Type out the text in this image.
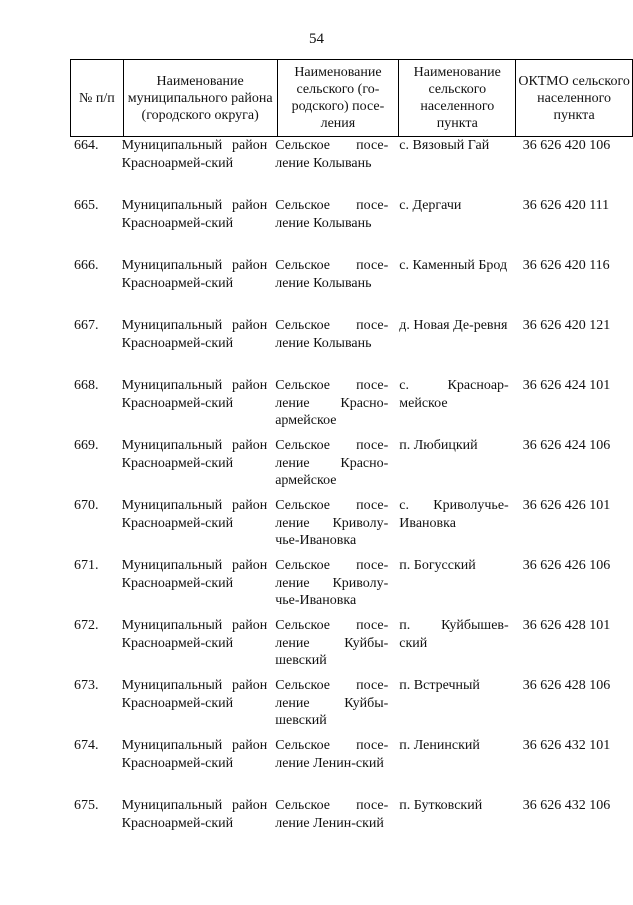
54
№ п/п	Наименование муниципального района (городского округа)	Наименование сельского (го-родского) посе-ления	Наименование сельского населенного пункта	ОКТМО сельского населенного пункта
664.	Муниципальный район Красноармей-ский	Сельское посе-ление Колывань	с. Вязовый Гай	36 626 420 106
665.	Муниципальный район Красноармей-ский	Сельское посе-ление Колывань	с. Дергачи	36 626 420 111
666.	Муниципальный район Красноармей-ский	Сельское посе-ление Колывань	с. Каменный Брод	36 626 420 116
667.	Муниципальный район Красноармей-ский	Сельское посе-ление Колывань	д. Новая Де-ревня	36 626 420 121
668.	Муниципальный район Красноармей-ский	Сельское посе-ление Красно-армейское	с. Красноар-мейское	36 626 424 101
669.	Муниципальный район Красноармей-ский	Сельское посе-ление Красно-армейское	п. Любицкий	36 626 424 106
670.	Муниципальный район Красноармей-ский	Сельское посе-ление Криволу-чье-Ивановка	с. Криволучье-Ивановка	36 626 426 101
671.	Муниципальный район Красноармей-ский	Сельское посе-ление Криволу-чье-Ивановка	п. Богусский	36 626 426 106
672.	Муниципальный район Красноармей-ский	Сельское посе-ление Куйбы-шевский	п. Куйбышев-ский	36 626 428 101
673.	Муниципальный район Красноармей-ский	Сельское посе-ление Куйбы-шевский	п. Встречный	36 626 428 106
674.	Муниципальный район Красноармей-ский	Сельское посе-ление Ленин-ский	п. Ленинский	36 626 432 101
675.	Муниципальный район Красноармей-ский	Сельское посе-ление Ленин-ский	п. Бутковский	36 626 432 106
